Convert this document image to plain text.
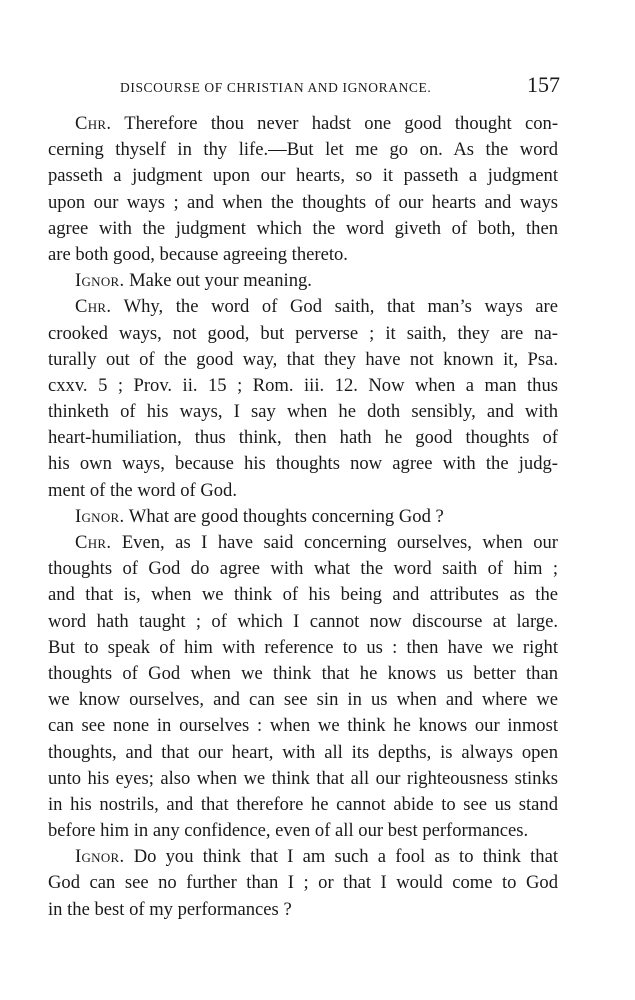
DISCOURSE OF CHRISTIAN AND IGNORANCE.	157
Chr. Therefore thou never hadst one good thought con-
cerning thyself in thy life.—But let me go on. As the word
passeth a judgment upon our hearts, so it passeth a judgment
upon our ways ; and when the thoughts of our hearts and ways
agree with the judgment which the word giveth of both, then
are both good, because agreeing thereto.
Ignor. Make out your meaning.
Chr. Why, the word of God saith, that man’s ways are
crooked ways, not good, but perverse ; it saith, they are na-
turally out of the good way, that they have not known it, Psa.
cxxv. 5 ; Prov. ii. 15 ; Rom. iii. 12. Now when a man thus
thinketh of his ways, I say when he doth sensibly, and with
heart-humiliation, thus think, then hath he good thoughts of
his own ways, because his thoughts now agree with the judg-
ment of the word of God.
Ignor. What are good thoughts concerning God ?
Chr. Even, as I have said concerning ourselves, when our
thoughts of God do agree with what the word saith of him ;
and that is, when we think of his being and attributes as the
word hath taught ; of which I cannot now discourse at large.
But to speak of him with reference to us : then have we right
thoughts of God when we think that he knows us better than
we know ourselves, and can see sin in us when and where we
can see none in ourselves : when we think he knows our inmost
thoughts, and that our heart, with all its depths, is always open
unto his eyes; also when we think that all our righteousness stinks
in his nostrils, and that therefore he cannot abide to see us stand
before him in any confidence, even of all our best performances.
Ignor. Do you think that I am such a fool as to think that
God can see no further than I ; or that I would come to God
in the best of my performances ?
